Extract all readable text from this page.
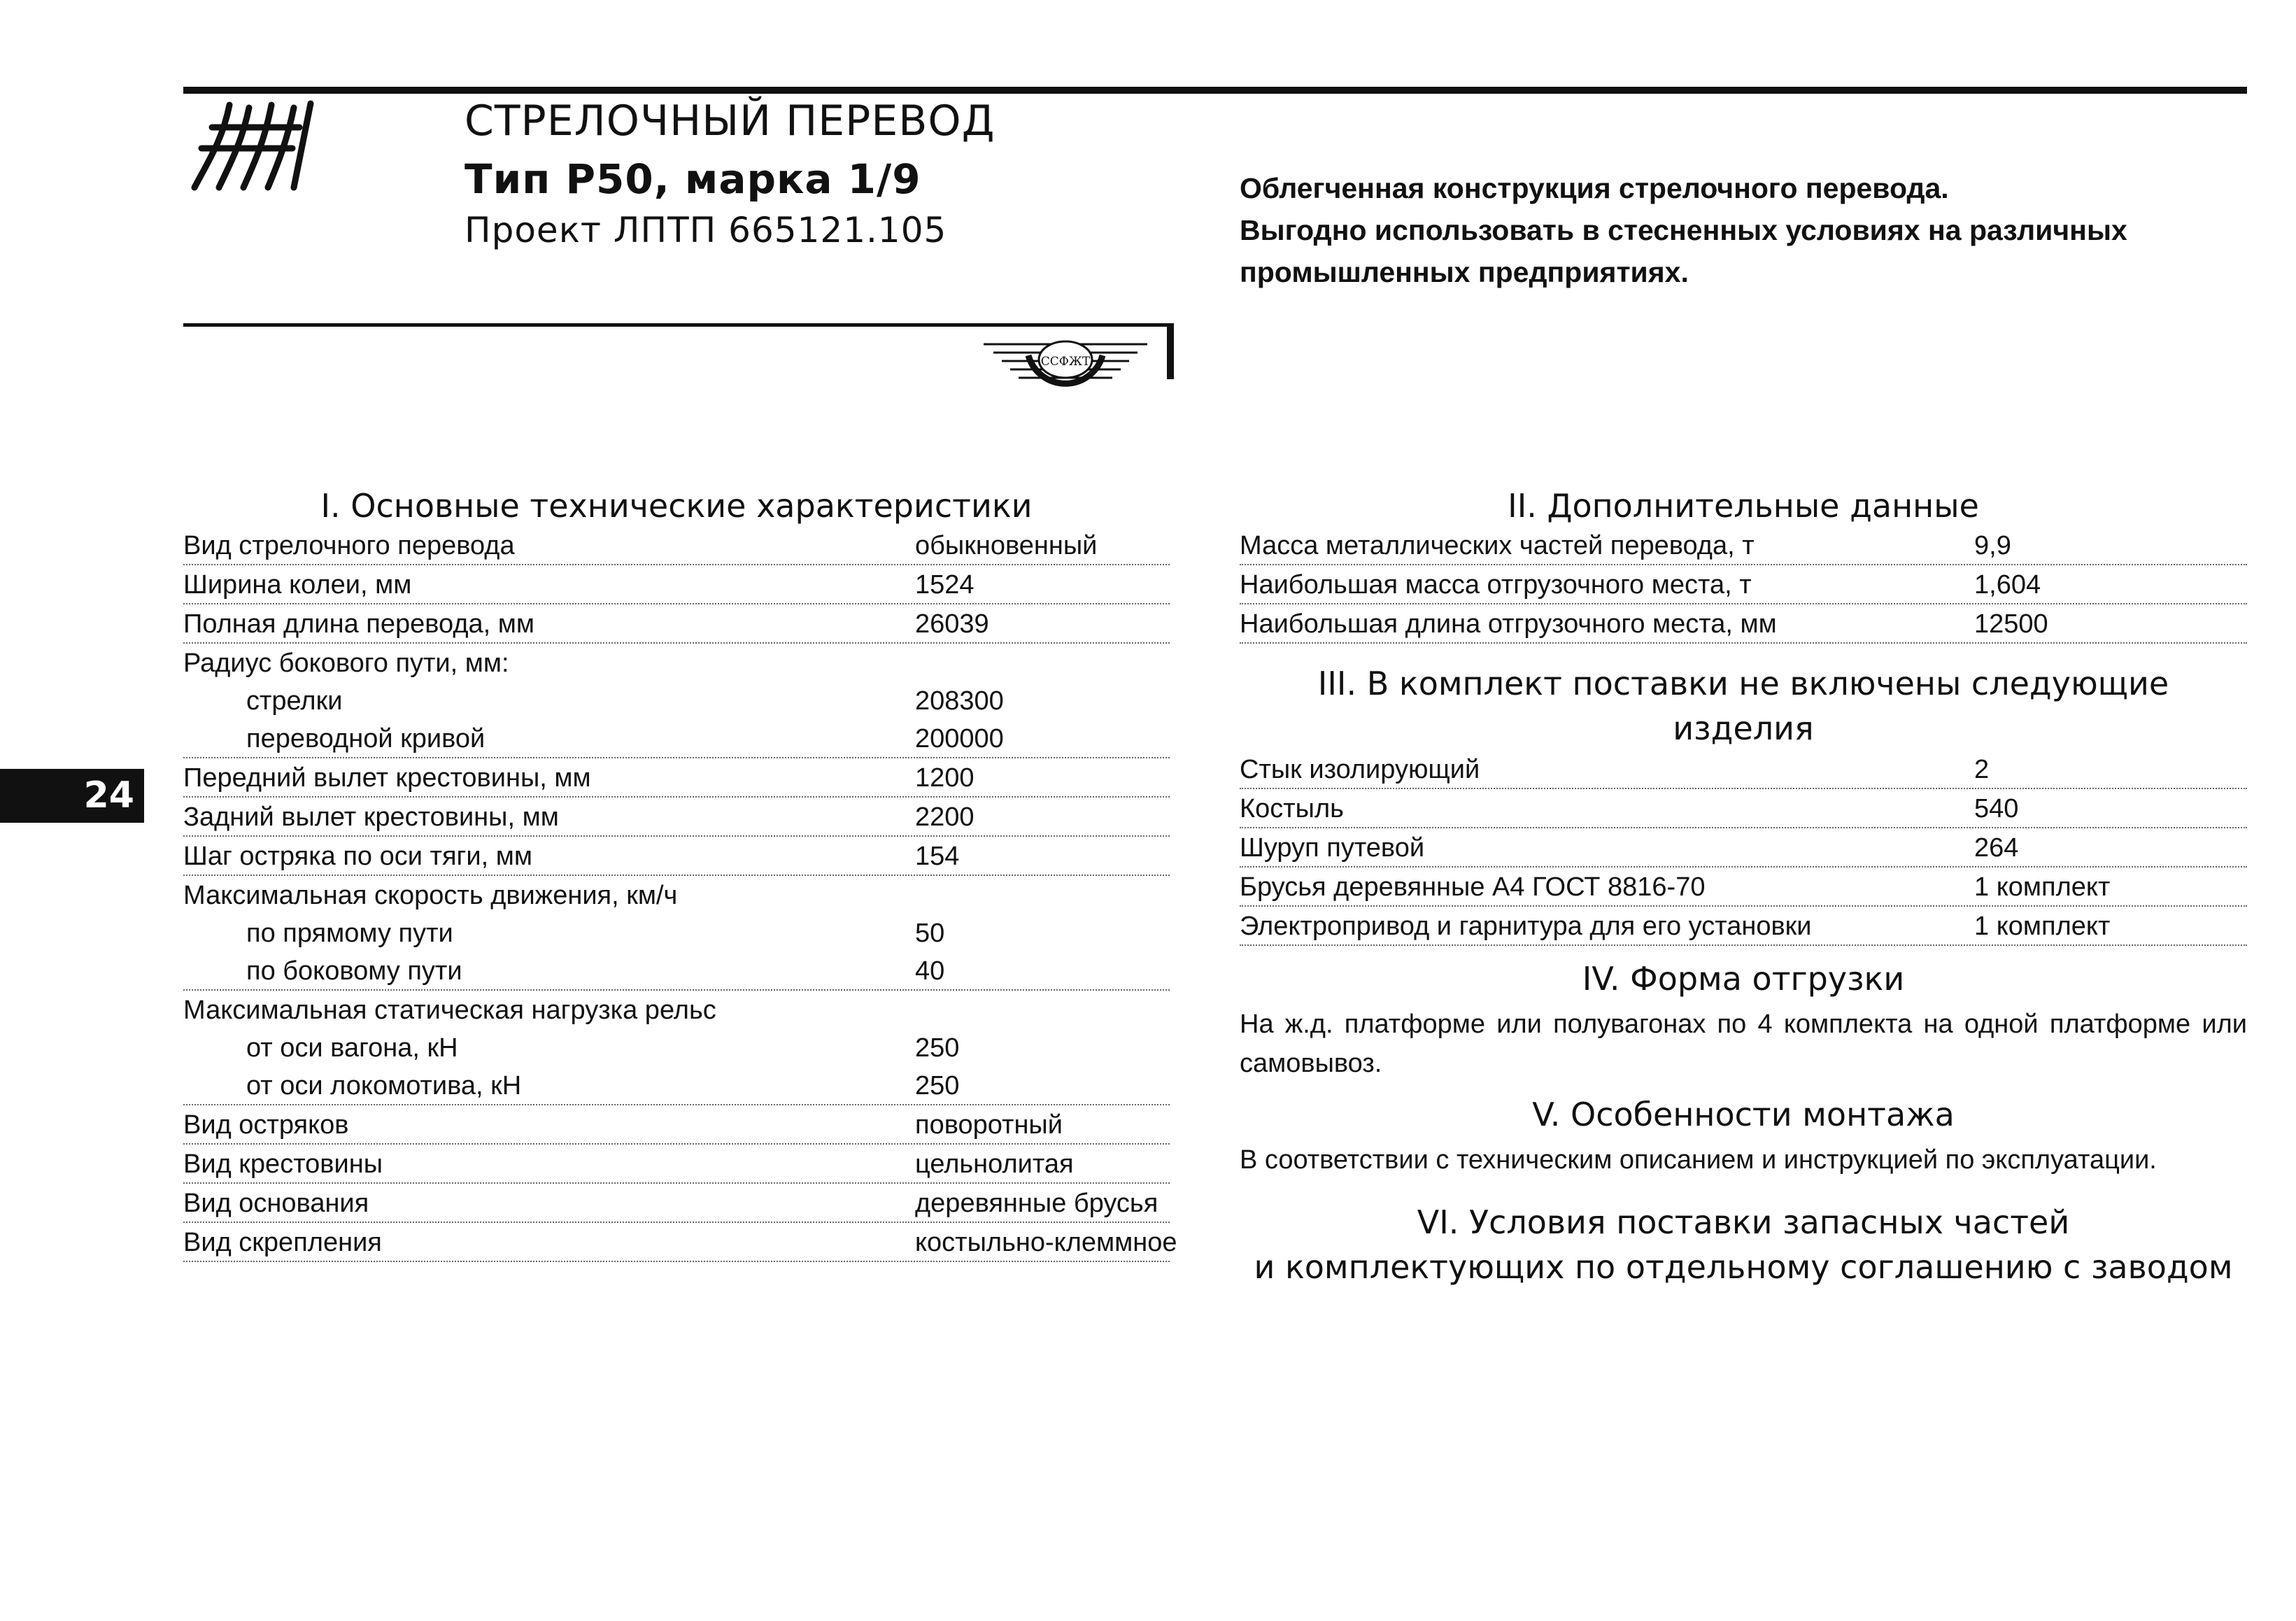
СТРЕЛОЧНЫЙ ПЕРЕВОД
Тип Р50, марка 1/9
Проект ЛПТП 665121.105
Облегченная конструкция стрелочного перевода.
Выгодно использовать в стесненных условиях на различных
промышленных предприятиях.
ССФЖТ
24
I. Основные технические характеристики
Вид стрелочного перевода	обыкновенный
Ширина колеи, мм	1524
Полная длина перевода, мм	26039
Радиус бокового пути, мм:
стрелки	208300
переводной кривой	200000
Передний вылет крестовины, мм	1200
Задний вылет крестовины, мм	2200
Шаг остряка по оси тяги, мм	154
Максимальная скорость движения, км/ч
по прямому пути	50
по боковому пути	40
Максимальная статическая нагрузка рельс
от оси вагона, кН	250
от оси локомотива, кН	250
Вид остряков	поворотный
Вид крестовины	цельнолитая
Вид основания	деревянные брусья
Вид скрепления	костыльно-клеммное
II. Дополнительные данные
Масса металлических частей перевода, т	9,9
Наибольшая масса отгрузочного места, т	1,604
Наибольшая длина отгрузочного места, мм	12500
III. В комплект поставки не включены следующие
изделия
Стык изолирующий	2
Костыль	540
Шуруп путевой	264
Брусья деревянные А4 ГОСТ 8816-70	1 комплект
Электропривод и гарнитура для его установки	1 комплект
IV. Форма отгрузки
На ж.д. платформе или полувагонах по 4 комплекта на одной платформе или самовывоз.
V. Особенности монтажа
В соответствии с техническим описанием и инструкцией по эксплуатации.
VI. Условия поставки запасных частей
и комплектующих по отдельному соглашению с заводом
